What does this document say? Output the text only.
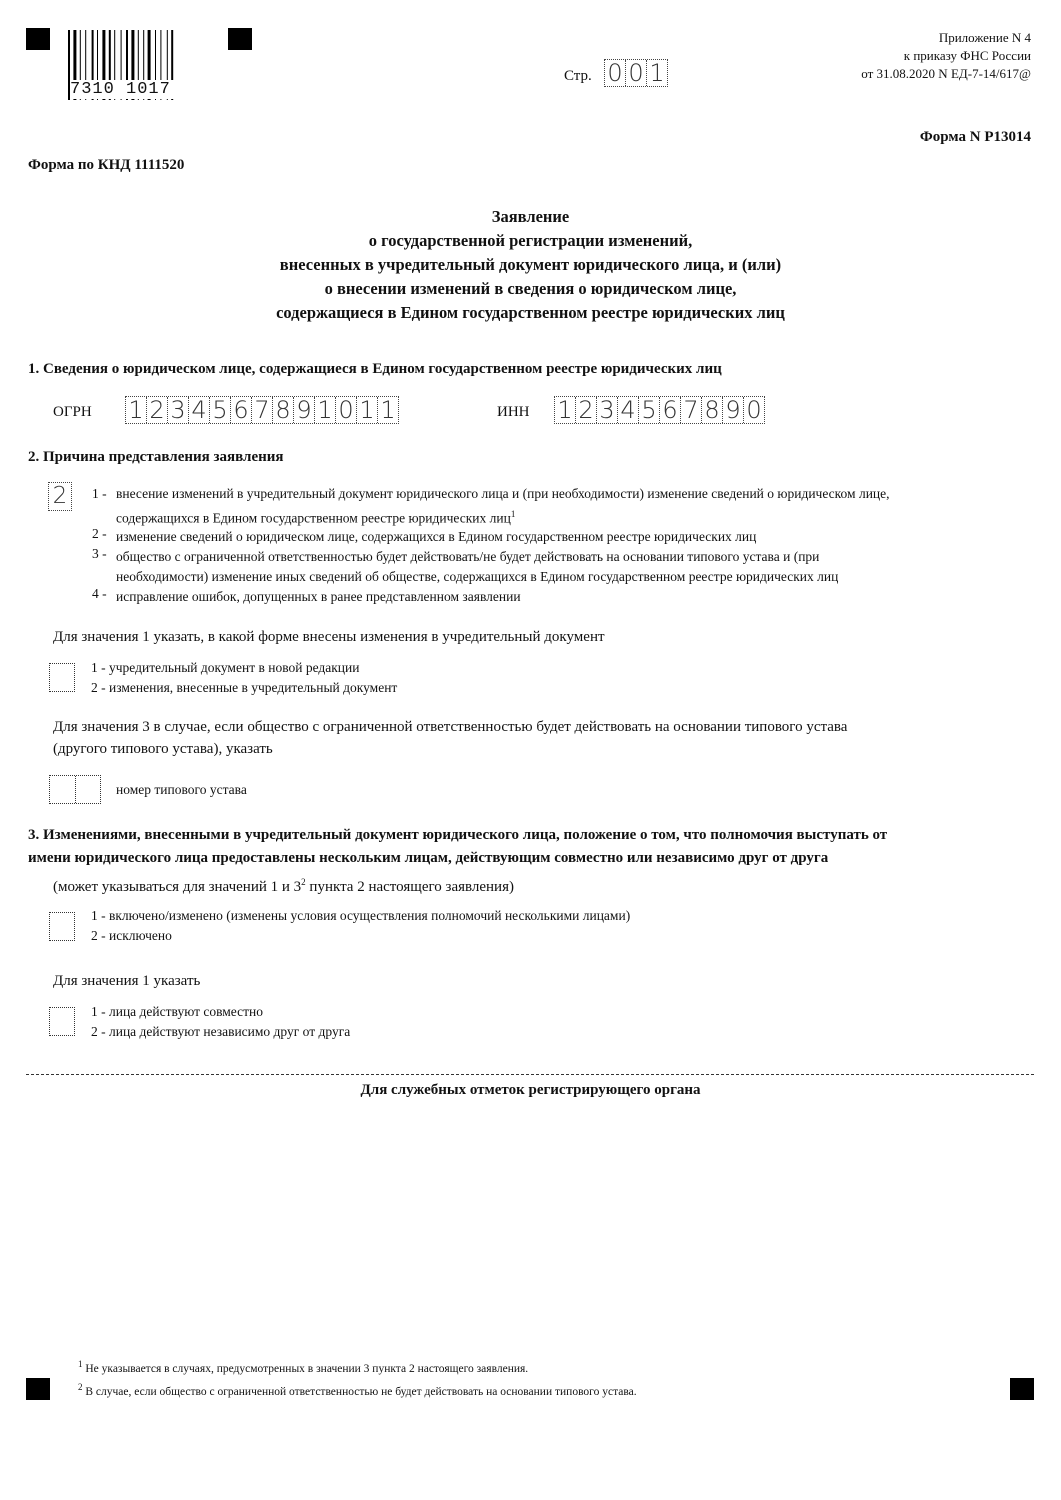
7310 1017
Приложение N 4
к приказу ФНС России
от 31.08.2020 N ЕД-7-14/617@
Стр. 0 0 1
Форма N Р13014
Форма по КНД 1111520
Заявление
о государственной регистрации изменений,
внесенных в учредительный документ юридического лица, и (или)
о внесении изменений в сведения о юридическом лице,
содержащиеся в Едином государственном реестре юридических лиц
1. Сведения о юридическом лице, содержащиеся в Едином государственном реестре юридических лиц
ОГРН 1 2 3 4 5 6 7 8 9 1 0 1 1	ИНН 1 2 3 4 5 6 7 8 9 0
2. Причина представления заявления
2 1 - внесение изменений в учредительный документ юридического лица и (при необходимости) изменение сведений о юридическом лице,
содержащихся в Едином государственном реестре юридических лиц$^1$
2 - изменение сведений о юридическом лице, содержащихся в Едином государственном реестре юридических лиц
3 - общество с ограниченной ответственностью будет действовать/не будет действовать на основании типового устава и (при
необходимости) изменение иных сведений об обществе, содержащихся в Едином государственном реестре юридических лиц
4 - исправление ошибок, допущенных в ранее представленном заявлении
Для значения 1 указать, в какой форме внесены изменения в учредительный документ
1 - учредительный документ в новой редакции
2 - изменения, внесенные в учредительный документ
Для значения 3 в случае, если общество с ограниченной ответственностью будет действовать на основании типового устава
(другого типового устава), указать
номер типового устава
3. Изменениями, внесенными в учредительный документ юридического лица, положение о том, что полномочия выступать от
имени юридического лица предоставлены нескольким лицам, действующим совместно или независимо друг от друга
(может указываться для значений 1 и $3^2$ пункта 2 настоящего заявления)
1 - включено/изменено (изменены условия осуществления полномочий несколькими лицами)
2 - исключено
Для значения 1 указать
1 - лица действуют совместно
2 - лица действуют независимо друг от друга
Для служебных отметок регистрирующего органа
$^1$ Не указывается в случаях, предусмотренных в значении 3 пункта 2 настоящего заявления.
$^2$ В случае, если общество с ограниченной ответственностью не будет действовать на основании типового устава.
